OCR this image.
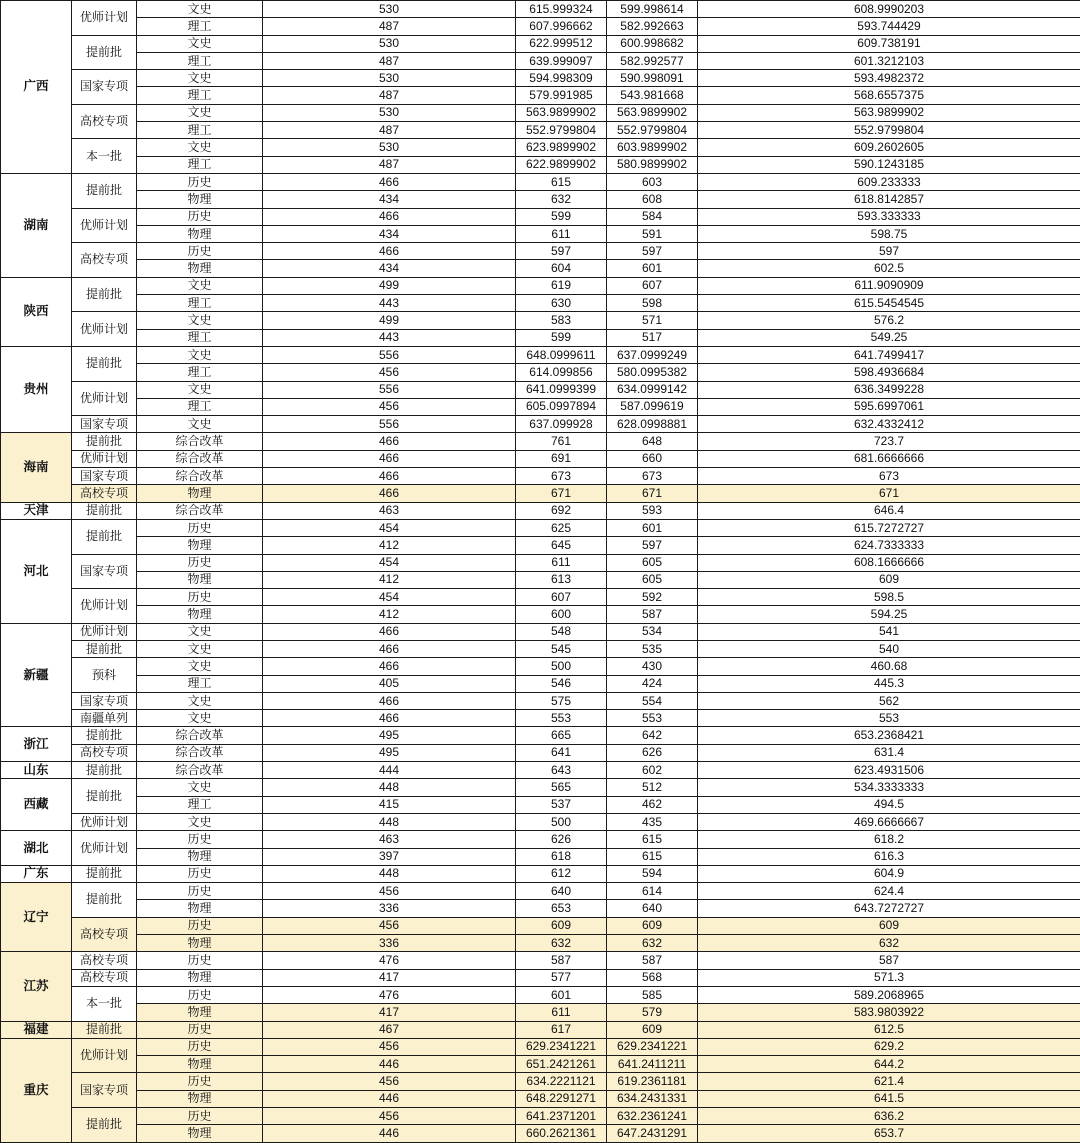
广西	优师计划	文史	530	615.999324	599.998614	608.9990203
		理工	487	607.996662	582.992663	593.744429
	提前批	文史	530	622.999512	600.998682	609.738191
		理工	487	639.999097	582.992577	601.3212103
	国家专项	文史	530	594.998309	590.998091	593.4982372
		理工	487	579.991985	543.981668	568.6557375
	高校专项	文史	530	563.9899902	563.9899902	563.9899902
		理工	487	552.9799804	552.9799804	552.9799804
	本一批	文史	530	623.9899902	603.9899902	609.2602605
		理工	487	622.9899902	580.9899902	590.1243185
湖南	提前批	历史	466	615	603	609.233333
		物理	434	632	608	618.8142857
	优师计划	历史	466	599	584	593.333333
		物理	434	611	591	598.75
	高校专项	历史	466	597	597	597
		物理	434	604	601	602.5
陕西	提前批	文史	499	619	607	611.9090909
		理工	443	630	598	615.5454545
	优师计划	文史	499	583	571	576.2
		理工	443	599	517	549.25
贵州	提前批	文史	556	648.0999611	637.0999249	641.7499417
		理工	456	614.099856	580.0995382	598.4936684
	优师计划	文史	556	641.0999399	634.0999142	636.3499228
		理工	456	605.0997894	587.099619	595.6997061
	国家专项	文史	556	637.099928	628.0998881	632.4332412
海南	提前批	综合改革	466	761	648	723.7
	优师计划	综合改革	466	691	660	681.6666666
	国家专项	综合改革	466	673	673	673
	高校专项	物理	466	671	671	671
天津	提前批	综合改革	463	692	593	646.4
河北	提前批	历史	454	625	601	615.7272727
		物理	412	645	597	624.7333333
	国家专项	历史	454	611	605	608.1666666
		物理	412	613	605	609
	优师计划	历史	454	607	592	598.5
		物理	412	600	587	594.25
新疆	优师计划	文史	466	548	534	541
	提前批	文史	466	545	535	540
	预科	文史	466	500	430	460.68
		理工	405	546	424	445.3
	国家专项	文史	466	575	554	562
	南疆单列	文史	466	553	553	553
浙江	提前批	综合改革	495	665	642	653.2368421
	高校专项	综合改革	495	641	626	631.4
山东	提前批	综合改革	444	643	602	623.4931506
西藏	提前批	文史	448	565	512	534.3333333
		理工	415	537	462	494.5
	优师计划	文史	448	500	435	469.6666667
湖北	优师计划	历史	463	626	615	618.2
		物理	397	618	615	616.3
广东	提前批	历史	448	612	594	604.9
辽宁	提前批	历史	456	640	614	624.4
		物理	336	653	640	643.7272727
	高校专项	历史	456	609	609	609
		物理	336	632	632	632
江苏	高校专项	历史	476	587	587	587
	高校专项	物理	417	577	568	571.3
	本一批	历史	476	601	585	589.2068965
		物理	417	611	579	583.9803922
福建	提前批	历史	467	617	609	612.5
重庆	优师计划	历史	456	629.2341221	629.2341221	629.2
		物理	446	651.2421261	641.2411211	644.2
	国家专项	历史	456	634.2221121	619.2361181	621.4
		物理	446	648.2291271	634.2431331	641.5
	提前批	历史	456	641.2371201	632.2361241	636.2
		物理	446	660.2621361	647.2431291	653.7
